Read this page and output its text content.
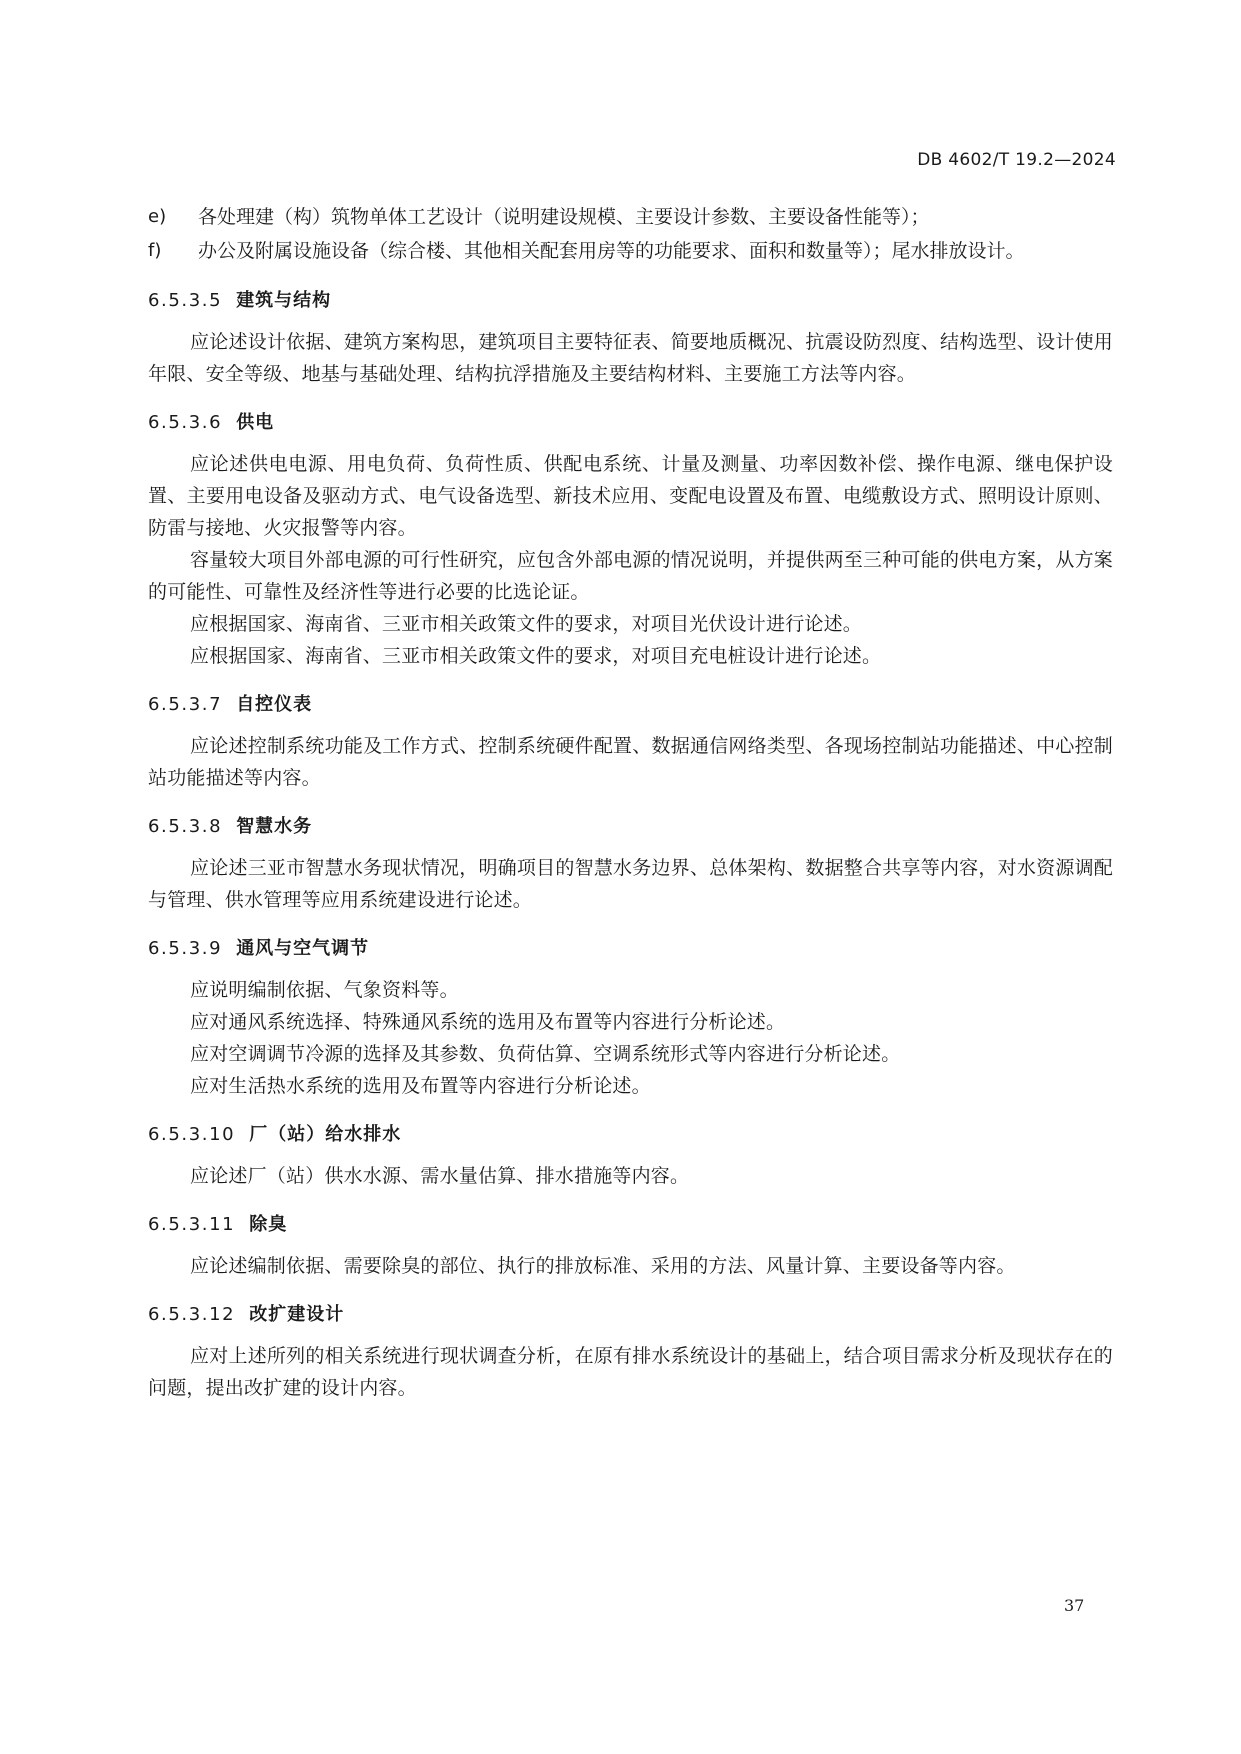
DB 4602/T 19.2—2024
e) 各处理建（构）筑物单体工艺设计（说明建设规模、主要设计参数、主要设备性能等）；
f) 办公及附属设施设备（综合楼、其他相关配套用房等的功能要求、面积和数量等）；尾水排放设计。
6.5.3.5 建筑与结构
应论述设计依据、建筑方案构思，建筑项目主要特征表、简要地质概况、抗震设防烈度、结构选型、设计使用年限、安全等级、地基与基础处理、结构抗浮措施及主要结构材料、主要施工方法等内容。
6.5.3.6 供电
应论述供电电源、用电负荷、负荷性质、供配电系统、计量及测量、功率因数补偿、操作电源、继电保护设置、主要用电设备及驱动方式、电气设备选型、新技术应用、变配电设置及布置、电缆敷设方式、照明设计原则、防雷与接地、火灾报警等内容。
容量较大项目外部电源的可行性研究，应包含外部电源的情况说明，并提供两至三种可能的供电方案，从方案的可能性、可靠性及经济性等进行必要的比选论证。
应根据国家、海南省、三亚市相关政策文件的要求，对项目光伏设计进行论述。
应根据国家、海南省、三亚市相关政策文件的要求，对项目充电桩设计进行论述。
6.5.3.7 自控仪表
应论述控制系统功能及工作方式、控制系统硬件配置、数据通信网络类型、各现场控制站功能描述、中心控制站功能描述等内容。
6.5.3.8 智慧水务
应论述三亚市智慧水务现状情况，明确项目的智慧水务边界、总体架构、数据整合共享等内容，对水资源调配与管理、供水管理等应用系统建设进行论述。
6.5.3.9 通风与空气调节
应说明编制依据、气象资料等。
应对通风系统选择、特殊通风系统的选用及布置等内容进行分析论述。
应对空调调节冷源的选择及其参数、负荷估算、空调系统形式等内容进行分析论述。
应对生活热水系统的选用及布置等内容进行分析论述。
6.5.3.10 厂（站）给水排水
应论述厂（站）供水水源、需水量估算、排水措施等内容。
6.5.3.11 除臭
应论述编制依据、需要除臭的部位、执行的排放标准、采用的方法、风量计算、主要设备等内容。
6.5.3.12 改扩建设计
应对上述所列的相关系统进行现状调查分析，在原有排水系统设计的基础上，结合项目需求分析及现状存在的问题，提出改扩建的设计内容。
37
